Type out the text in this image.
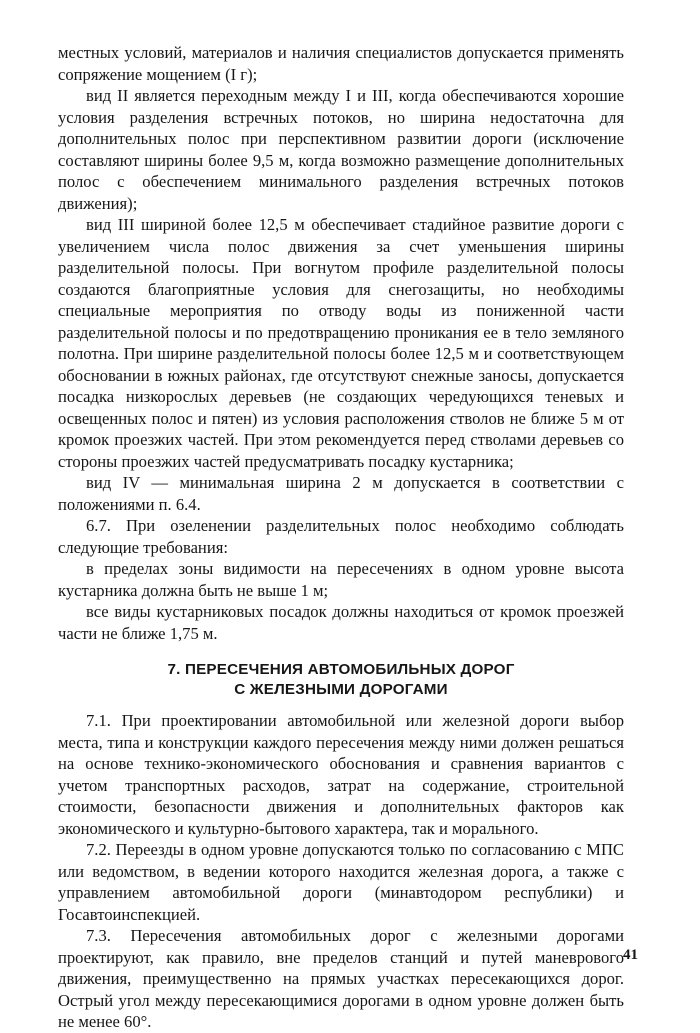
местных условий, материалов и наличия специалистов допускается применять сопряжение мощением (I г);

вид II является переходным между I и III, когда обеспечиваются хорошие условия разделения встречных потоков, но ширина недостаточна для дополнительных полос при перспективном развитии дороги (исключение составляют ширины более 9,5 м, когда возможно размещение дополнительных полос с обеспечением минимального разделения встречных потоков движения);

вид III шириной более 12,5 м обеспечивает стадийное развитие дороги с увеличением числа полос движения за счет уменьшения ширины разделительной полосы. При вогнутом профиле разделительной полосы создаются благоприятные условия для снегозащиты, но необходимы специальные мероприятия по отводу воды из пониженной части разделительной полосы и по предотвращению проникания ее в тело земляного полотна. При ширине разделительной полосы более 12,5 м и соответствующем обосновании в южных районах, где отсутствуют снежные заносы, допускается посадка низкорослых деревьев (не создающих чередующихся теневых и освещенных полос и пятен) из условия расположения стволов не ближе 5 м от кромок проезжих частей. При этом рекомендуется перед стволами деревьев со стороны проезжих частей предусматривать посадку кустарника;

вид IV — минимальная ширина 2 м допускается в соответствии с положениями п. 6.4.

6.7. При озеленении разделительных полос необходимо соблюдать следующие требования:

в пределах зоны видимости на пересечениях в одном уровне высота кустарника должна быть не выше 1 м;

все виды кустарниковых посадок должны находиться от кромок проезжей части не ближе 1,75 м.

7. ПЕРЕСЕЧЕНИЯ АВТОМОБИЛЬНЫХ ДОРОГ
С ЖЕЛЕЗНЫМИ ДОРОГАМИ

7.1. При проектировании автомобильной или железной дороги выбор места, типа и конструкции каждого пересечения между ними должен решаться на основе технико-экономического обоснования и сравнения вариантов с учетом транспортных расходов, затрат на содержание, строительной стоимости, безопасности движения и дополнительных факторов как экономического и культурно-бытового характера, так и морального.

7.2. Переезды в одном уровне допускаются только по согласованию с МПС или ведомством, в ведении которого находится железная дорога, а также с управлением автомобильной дороги (минавтодором республики) и Госавтоинспекцией.

7.3. Пересечения автомобильных дорог с железными дорогами проектируют, как правило, вне пределов станций и путей маневрового движения, преимущественно на прямых участках пересекающихся дорог. Острый угол между пересекающимися дорогами в одном уровне должен быть не менее 60°.

41
